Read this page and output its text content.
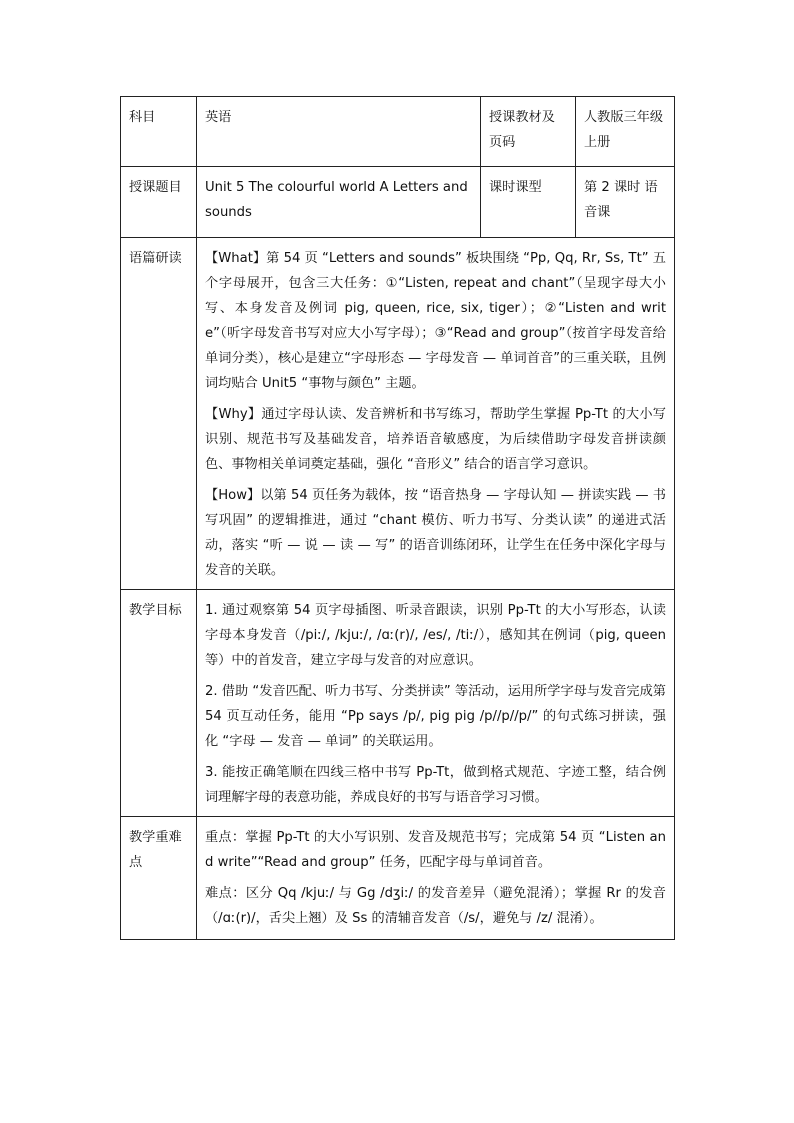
科目	英语	授课教材及页码	人教版三年级上册
授课题目	Unit 5 The colourful world A Letters and sounds	课时课型	第 2 课时 语音课
语篇研读	【What】第 54 页 “Letters and sounds” 板块围绕 “Pp, Qq, Rr, Ss, Tt” 五个字母展开，包含三大任务：①“Listen, repeat and chant”（呈现字母大小写、本身发音及例词 pig, queen, rice, six, tiger）；②“Listen and write”（听字母发音书写对应大小写字母）；③“Read and group”（按首字母发音给单词分类），核心是建立“字母形态 — 字母发音 — 单词首音”的三重关联，且例词均贴合 Unit5 “事物与颜色” 主题。

【Why】通过字母认读、发音辨析和书写练习，帮助学生掌握 Pp-Tt 的大小写识别、规范书写及基础发音，培养语音敏感度，为后续借助字母发音拼读颜色、事物相关单词奠定基础，强化 “音形义” 结合的语言学习意识。

【How】以第 54 页任务为载体，按 “语音热身 — 字母认知 — 拼读实践 — 书写巩固” 的逻辑推进，通过 “chant 模仿、听力书写、分类认读” 的递进式活动，落实 “听 — 说 — 读 — 写” 的语音训练闭环，让学生在任务中深化字母与发音的关联。		

教学目标	1. 通过观察第 54 页字母插图、听录音跟读，识别 Pp-Tt 的大小写形态，认读字母本身发音（/piː/, /kjuː/, /ɑː(r)/, /es/, /tiː/），感知其在例词（pig, queen 等）中的首发音，建立字母与发音的对应意识。

2. 借助 “发音匹配、听力书写、分类拼读” 等活动，运用所学字母与发音完成第 54 页互动任务，能用 “Pp says /p/, pig pig /p//p//p/” 的句式练习拼读，强化 “字母 — 发音 — 单词” 的关联运用。

3. 能按正确笔顺在四线三格中书写 Pp-Tt，做到格式规范、字迹工整，结合例词理解字母的表意功能，养成良好的书写与语音学习习惯。		

教学重难点	重点：掌握 Pp-Tt 的大小写识别、发音及规范书写；完成第 54 页 “Listen and write”“Read and group” 任务，匹配字母与单词首音。

难点：区分 Qq /kjuː/ 与 Gg /dʒiː/ 的发音差异（避免混淆）；掌握 Rr 的发音（/ɑː(r)/，舌尖上翘）及 Ss 的清辅音发音（/s/，避免与 /z/ 混淆）。		
